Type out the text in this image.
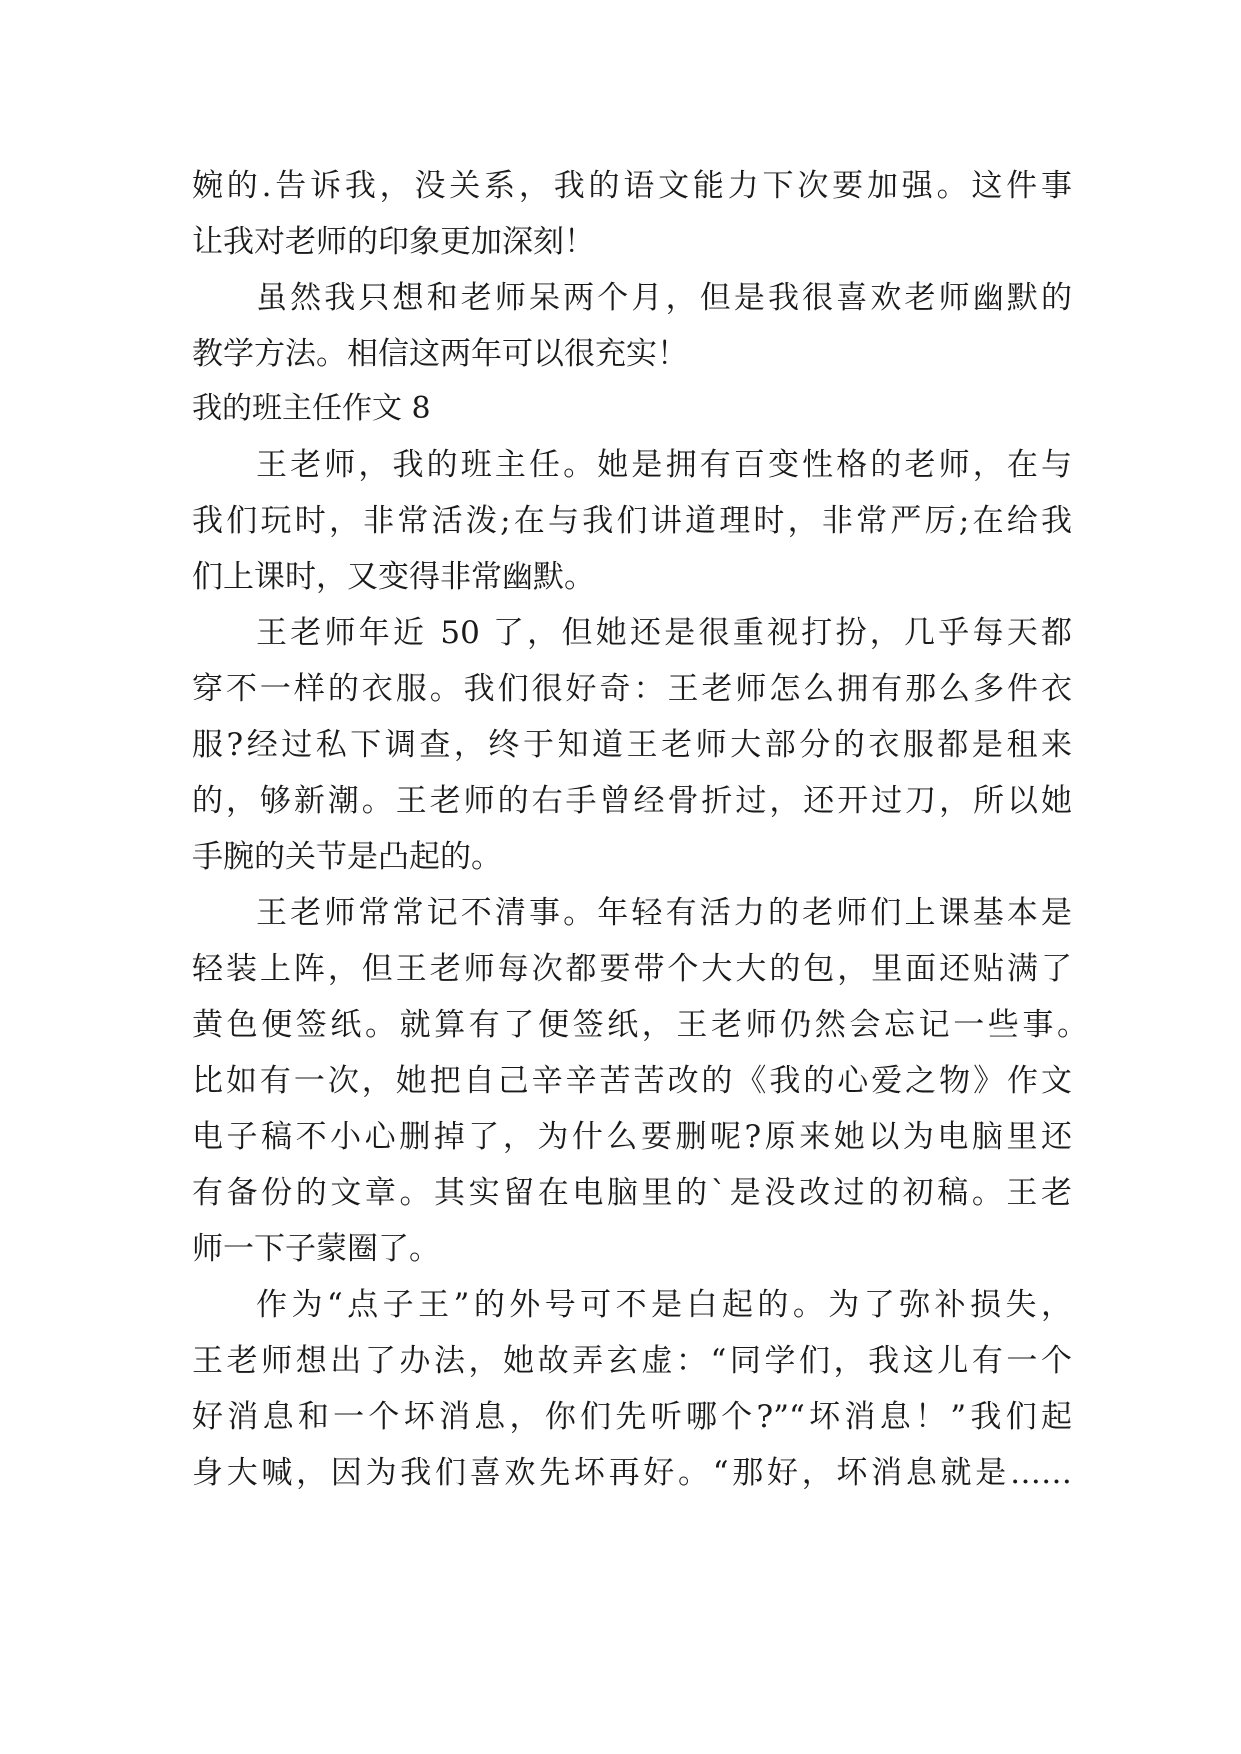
婉的.告诉我，没关系，我的语文能力下次要加强。这件事
让我对老师的印象更加深刻！
虽然我只想和老师呆两个月，但是我很喜欢老师幽默的
教学方法。相信这两年可以很充实！
我的班主任作文 8
王老师，我的班主任。她是拥有百变性格的老师，在与
我们玩时，非常活泼;在与我们讲道理时，非常严厉;在给我
们上课时，又变得非常幽默。
王老师年近 50 了，但她还是很重视打扮，几乎每天都
穿不一样的衣服。我们很好奇：王老师怎么拥有那么多件衣
服?经过私下调查，终于知道王老师大部分的衣服都是租来
的，够新潮。王老师的右手曾经骨折过，还开过刀，所以她
手腕的关节是凸起的。
王老师常常记不清事。年轻有活力的老师们上课基本是
轻装上阵，但王老师每次都要带个大大的包，里面还贴满了
黄色便签纸。就算有了便签纸，王老师仍然会忘记一些事。
比如有一次，她把自己辛辛苦苦改的《我的心爱之物》作文
电子稿不小心删掉了，为什么要删呢?原来她以为电脑里还
有备份的文章。其实留在电脑里的`是没改过的初稿。王老
师一下子蒙圈了。
作为“点子王”的外号可不是白起的。为了弥补损失，
王老师想出了办法，她故弄玄虚：“同学们，我这儿有一个
好消息和一个坏消息，你们先听哪个?”“坏消息！”我们起
身大喊，因为我们喜欢先坏再好。“那好，坏消息就是……
